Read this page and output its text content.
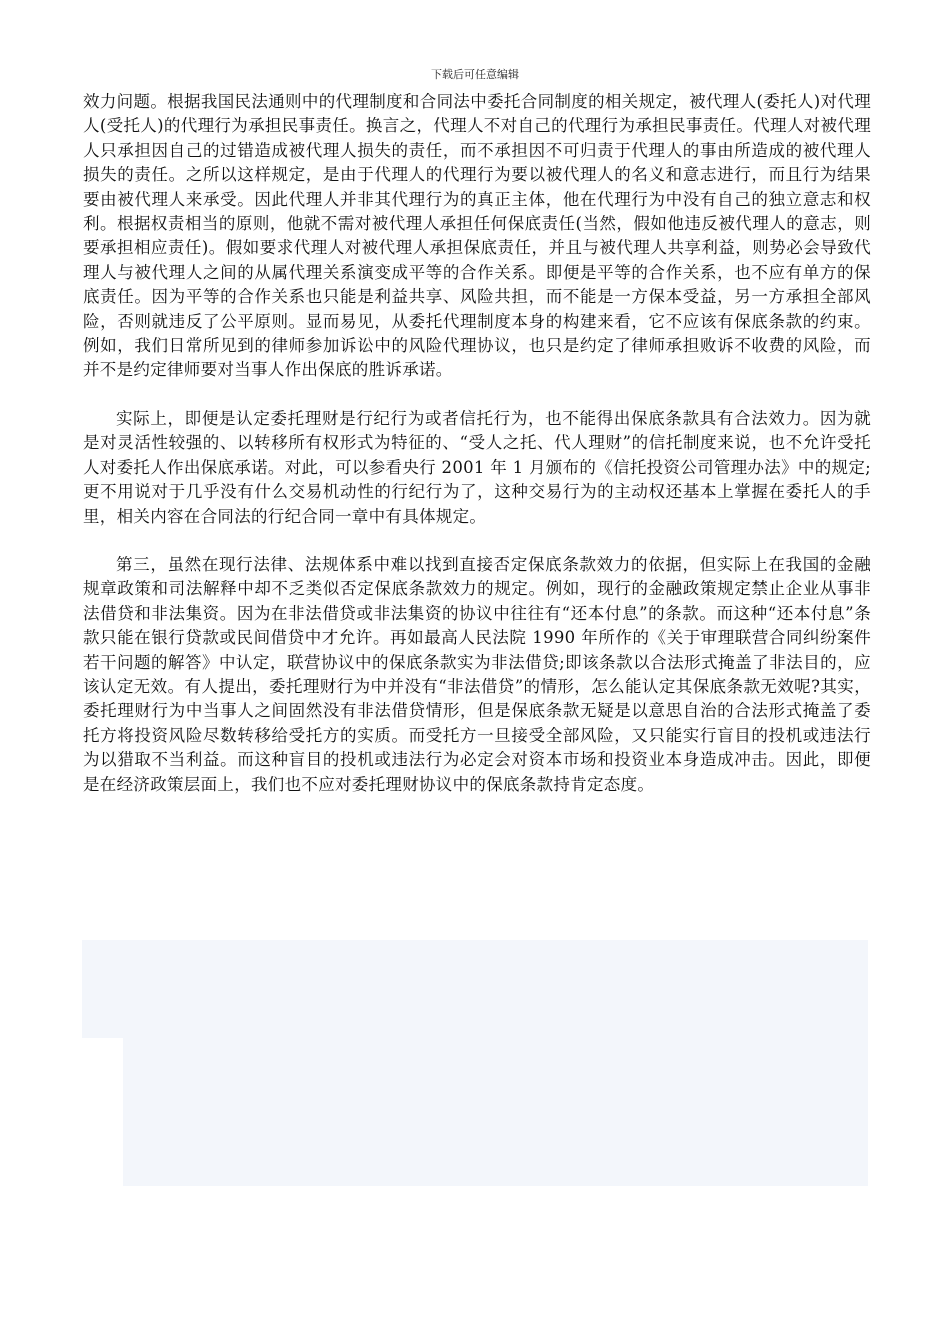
下载后可任意编辑

效力问题。根据我国民法通则中的代理制度和合同法中委托合同制度的相关规定，被代理人(委托人)对代理人(受托人)的代理行为承担民事责任。换言之，代理人不对自己的代理行为承担民事责任。代理人对被代理人只承担因自己的过错造成被代理人损失的责任，而不承担因不可归责于代理人的事由所造成的被代理人损失的责任。之所以这样规定，是由于代理人的代理行为要以被代理人的名义和意志进行，而且行为结果要由被代理人来承受。因此代理人并非其代理行为的真正主体，他在代理行为中没有自己的独立意志和权利。根据权责相当的原则，他就不需对被代理人承担任何保底责任(当然，假如他违反被代理人的意志，则要承担相应责任)。假如要求代理人对被代理人承担保底责任，并且与被代理人共享利益，则势必会导致代理人与被代理人之间的从属代理关系演变成平等的合作关系。即便是平等的合作关系，也不应有单方的保底责任。因为平等的合作关系也只能是利益共享、风险共担，而不能是一方保本受益，另一方承担全部风险，否则就违反了公平原则。显而易见，从委托代理制度本身的构建来看，它不应该有保底条款的约束。例如，我们日常所见到的律师参加诉讼中的风险代理协议，也只是约定了律师承担败诉不收费的风险，而并不是约定律师要对当事人作出保底的胜诉承诺。

实际上，即便是认定委托理财是行纪行为或者信托行为，也不能得出保底条款具有合法效力。因为就是对灵活性较强的、以转移所有权形式为特征的、“受人之托、代人理财”的信托制度来说，也不允许受托人对委托人作出保底承诺。对此，可以参看央行 2001 年 1 月颁布的《信托投资公司管理办法》中的规定;更不用说对于几乎没有什么交易机动性的行纪行为了，这种交易行为的主动权还基本上掌握在委托人的手里，相关内容在合同法的行纪合同一章中有具体规定。

第三，虽然在现行法律、法规体系中难以找到直接否定保底条款效力的依据，但实际上在我国的金融规章政策和司法解释中却不乏类似否定保底条款效力的规定。例如，现行的金融政策规定禁止企业从事非法借贷和非法集资。因为在非法借贷或非法集资的协议中往往有“还本付息”的条款。而这种“还本付息”条款只能在银行贷款或民间借贷中才允许。再如最高人民法院 1990 年所作的《关于审理联营合同纠纷案件若干问题的解答》中认定，联营协议中的保底条款实为非法借贷;即该条款以合法形式掩盖了非法目的，应该认定无效。有人提出，委托理财行为中并没有“非法借贷”的情形，怎么能认定其保底条款无效呢?其实，委托理财行为中当事人之间固然没有非法借贷情形，但是保底条款无疑是以意思自治的合法形式掩盖了委托方将投资风险尽数转移给受托方的实质。而受托方一旦接受全部风险，又只能实行盲目的投机或违法行为以猎取不当利益。而这种盲目的投机或违法行为必定会对资本市场和投资业本身造成冲击。因此，即便是在经济政策层面上，我们也不应对委托理财协议中的保底条款持肯定态度。
